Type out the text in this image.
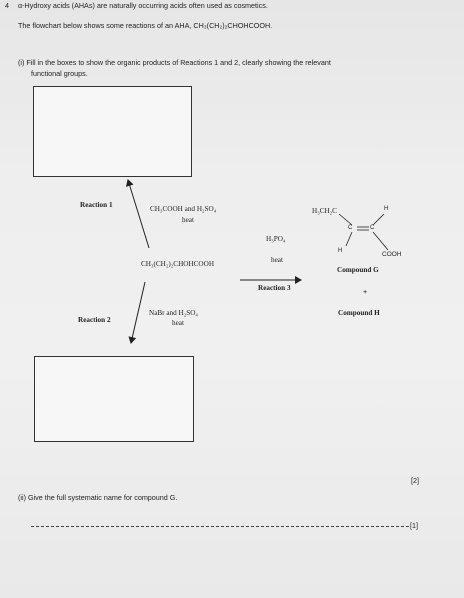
4 α-Hydroxy acids (AHAs) are naturally occurring acids often used as cosmetics.
The flowchart below shows some reactions of an AHA, CH₃(CH₂)₂CHOHCOOH.
(i) Fill in the boxes to show the organic products of Reactions 1 and 2, clearly showing the relevant
functional groups.
Reaction 1	CH₃COOH and H₂SO₄
heat
CH₃(CH₂)₂CHOHCOOH
Reaction 2
NaBr and H₂SO₄
heat
H₃PO₄
heat
Reaction 3
H₃CH₂C	H
C	C
H	COOH
Compound G
+
Compound H
[2]
(ii) Give the full systematic name for compound G.
[1]
